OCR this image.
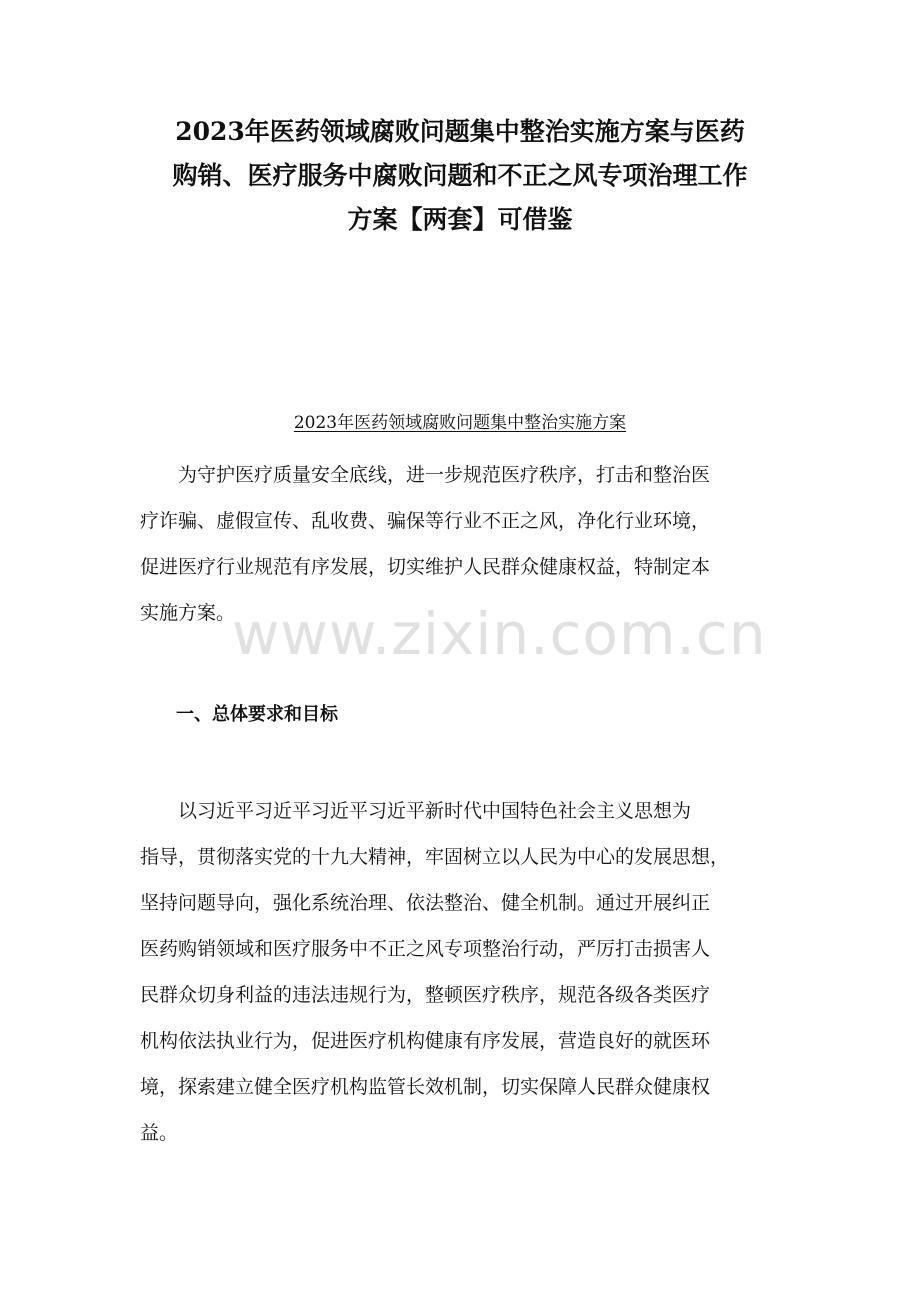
2023年医药领域腐败问题集中整治实施方案与医药
购销、医疗服务中腐败问题和不正之风专项治理工作
方案【两套】可借鉴
2023年医药领域腐败问题集中整治实施方案
为守护医疗质量安全底线，进一步规范医疗秩序，打击和整治医
疗诈骗、虚假宣传、乱收费、骗保等行业不正之风，净化行业环境，
促进医疗行业规范有序发展，切实维护人民群众健康权益，特制定本
实施方案。
www.zixin.com.cn
一、总体要求和目标
以习近平习近平习近平习近平新时代中国特色社会主义思想为
指导，贯彻落实党的十九大精神，牢固树立以人民为中心的发展思想，
坚持问题导向，强化系统治理、依法整治、健全机制。通过开展纠正
医药购销领域和医疗服务中不正之风专项整治行动，严厉打击损害人
民群众切身利益的违法违规行为，整顿医疗秩序，规范各级各类医疗
机构依法执业行为，促进医疗机构健康有序发展，营造良好的就医环
境，探索建立健全医疗机构监管长效机制，切实保障人民群众健康权
益。
